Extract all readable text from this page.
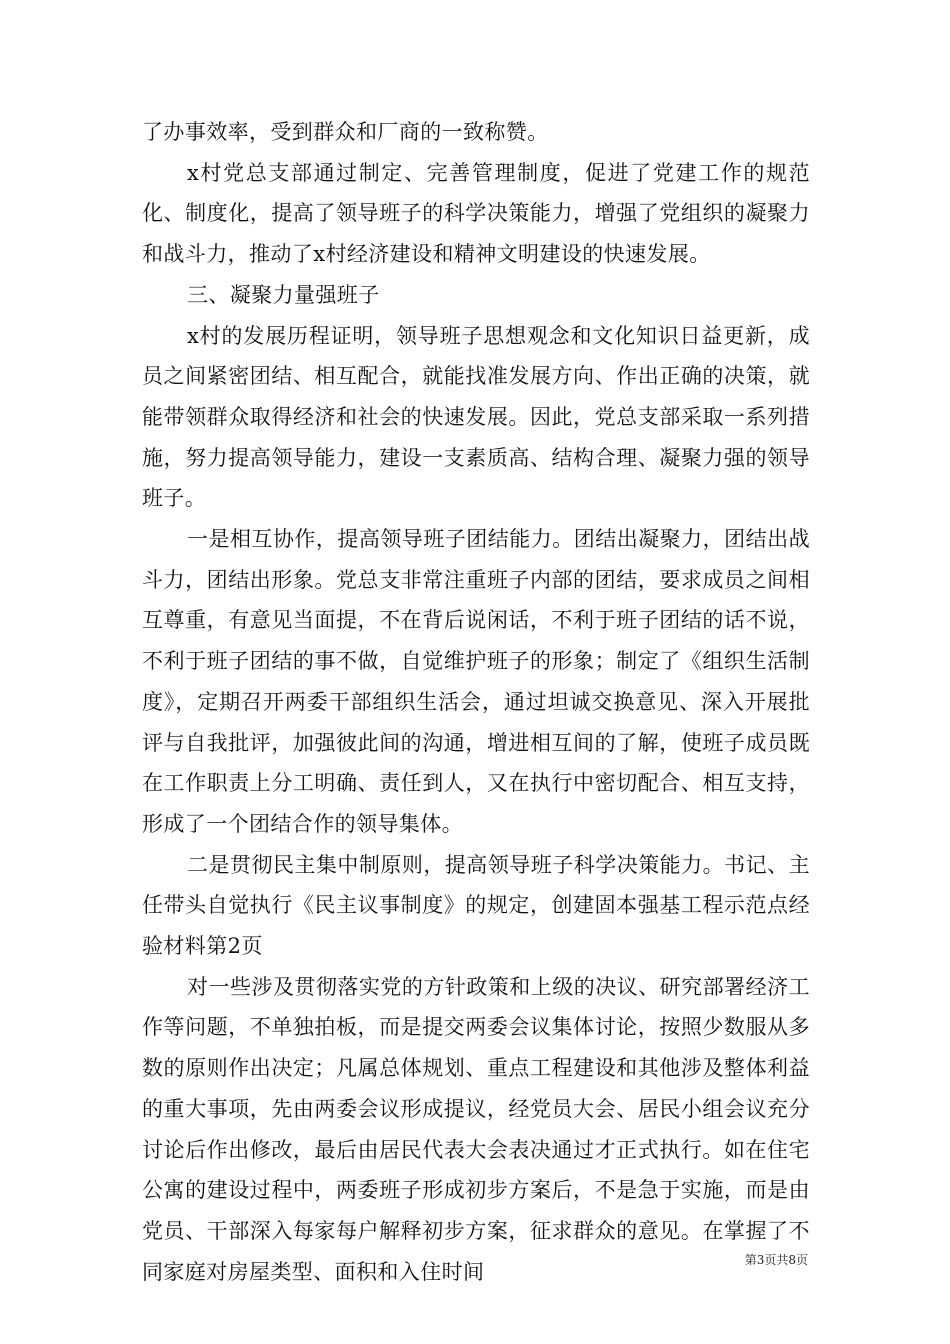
了办事效率，受到群众和厂商的一致称赞。

x村党总支部通过制定、完善管理制度，促进了党建工作的规范化、制度化，提高了领导班子的科学决策能力，增强了党组织的凝聚力和战斗力，推动了x村经济建设和精神文明建设的快速发展。

三、凝聚力量强班子

x村的发展历程证明，领导班子思想观念和文化知识日益更新，成员之间紧密团结、相互配合，就能找准发展方向、作出正确的决策，就能带领群众取得经济和社会的快速发展。因此，党总支部采取一系列措施，努力提高领导能力，建设一支素质高、结构合理、凝聚力强的领导班子。

一是相互协作，提高领导班子团结能力。团结出凝聚力，团结出战斗力，团结出形象。党总支非常注重班子内部的团结，要求成员之间相互尊重，有意见当面提，不在背后说闲话，不利于班子团结的话不说，不利于班子团结的事不做，自觉维护班子的形象；制定了《组织生活制度》，定期召开两委干部组织生活会，通过坦诚交换意见、深入开展批评与自我批评，加强彼此间的沟通，增进相互间的了解，使班子成员既在工作职责上分工明确、责任到人，又在执行中密切配合、相互支持，形成了一个团结合作的领导集体。

二是贯彻民主集中制原则，提高领导班子科学决策能力。书记、主任带头自觉执行《民主议事制度》的规定，创建固本强基工程示范点经验材料第2页

对一些涉及贯彻落实党的方针政策和上级的决议、研究部署经济工作等问题，不单独拍板，而是提交两委会议集体讨论，按照少数服从多数的原则作出决定；凡属总体规划、重点工程建设和其他涉及整体利益的重大事项，先由两委会议形成提议，经党员大会、居民小组会议充分讨论后作出修改，最后由居民代表大会表决通过才正式执行。如在住宅公寓的建设过程中，两委班子形成初步方案后，不是急于实施，而是由党员、干部深入每家每户解释初步方案，征求群众的意见。在掌握了不同家庭对房屋类型、面积和入住时间	第3页共8页
